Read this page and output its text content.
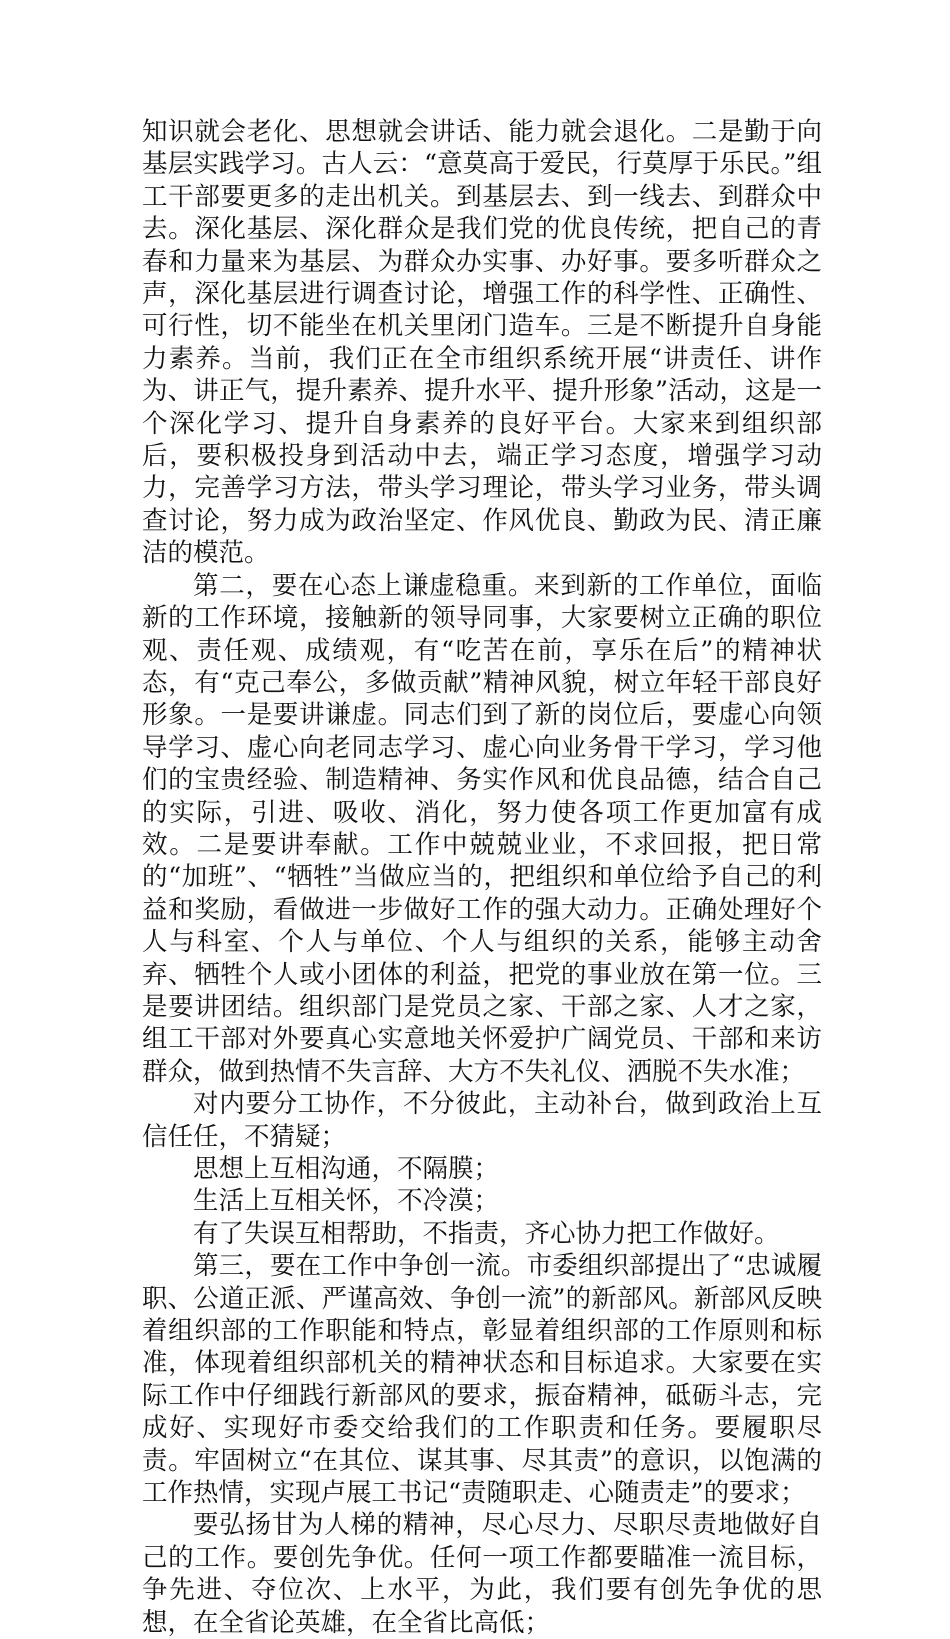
知识就会老化、思想就会讲话、能力就会退化。二是勤于向基层实践学习。古人云：“意莫高于爱民，行莫厚于乐民。”组工干部要更多的走出机关。到基层去、到一线去、到群众中去。深化基层、深化群众是我们党的优良传统，把自己的青春和力量来为基层、为群众办实事、办好事。要多听群众之声，深化基层进行调查讨论，增强工作的科学性、正确性、可行性，切不能坐在机关里闭门造车。三是不断提升自身能力素养。当前，我们正在全市组织系统开展“讲责任、讲作为、讲正气，提升素养、提升水平、提升形象”活动，这是一个深化学习、提升自身素养的良好平台。大家来到组织部后，要积极投身到活动中去，端正学习态度，增强学习动力，完善学习方法，带头学习理论，带头学习业务，带头调查讨论，努力成为政治坚定、作风优良、勤政为民、清正廉洁的模范。

第二，要在心态上谦虚稳重。来到新的工作单位，面临新的工作环境，接触新的领导同事，大家要树立正确的职位观、责任观、成绩观，有“吃苦在前，享乐在后”的精神状态，有“克己奉公，多做贡献”精神风貌，树立年轻干部良好形象。一是要讲谦虚。同志们到了新的岗位后，要虚心向领导学习、虚心向老同志学习、虚心向业务骨干学习，学习他们的宝贵经验、制造精神、务实作风和优良品德，结合自己的实际，引进、吸收、消化，努力使各项工作更加富有成效。二是要讲奉献。工作中兢兢业业，不求回报，把日常的“加班”、“牺牲”当做应当的，把组织和单位给予自己的利益和奖励，看做进一步做好工作的强大动力。正确处理好个人与科室、个人与单位、个人与组织的关系，能够主动舍弃、牺牲个人或小团体的利益，把党的事业放在第一位。三是要讲团结。组织部门是党员之家、干部之家、人才之家，组工干部对外要真心实意地关怀爱护广阔党员、干部和来访群众，做到热情不失言辞、大方不失礼仪、洒脱不失水准；

对内要分工协作，不分彼此，主动补台，做到政治上互信任任，不猜疑；

思想上互相沟通，不隔膜；

生活上互相关怀，不冷漠；

有了失误互相帮助，不指责，齐心协力把工作做好。

第三，要在工作中争创一流。市委组织部提出了“忠诚履职、公道正派、严谨高效、争创一流”的新部风。新部风反映着组织部的工作职能和特点，彰显着组织部的工作原则和标准，体现着组织部机关的精神状态和目标追求。大家要在实际工作中仔细践行新部风的要求，振奋精神，砥砺斗志，完成好、实现好市委交给我们的工作职责和任务。要履职尽责。牢固树立“在其位、谋其事、尽其责”的意识，以饱满的工作热情，实现卢展工书记“责随职走、心随责走”的要求；

要弘扬甘为人梯的精神，尽心尽力、尽职尽责地做好自己的工作。要创先争优。任何一项工作都要瞄准一流目标，争先进、夺位次、上水平，为此，我们要有创先争优的思想，在全省论英雄，在全省比高低；
